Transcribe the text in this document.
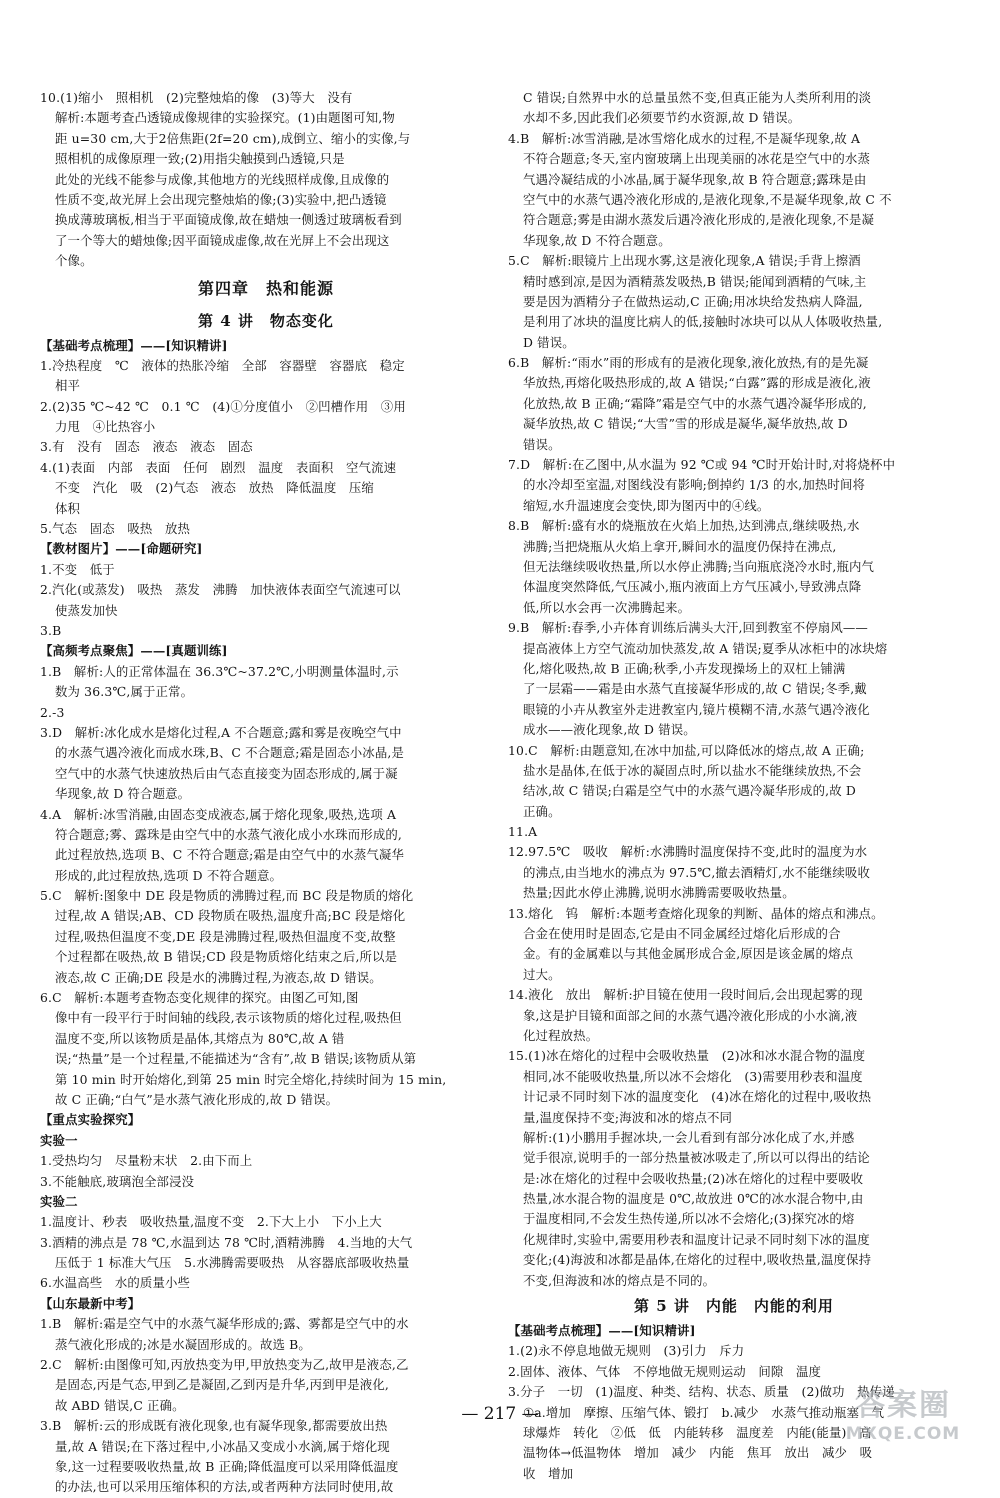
10.(1)缩小　照相机　(2)完整烛焰的像　(3)等大　没有
解析:本题考查凸透镜成像规律的实验探究。(1)由题图可知,物
距 u=30 cm,大于2倍焦距(2f=20 cm),成倒立、缩小的实像,与
照相机的成像原理一致;(2)用指尖触摸到凸透镜,只是
此处的光线不能参与成像,其他地方的光线照样成像,且成像的
性质不变,故光屏上会出现完整烛焰的像;(3)实验中,把凸透镜
换成薄玻璃板,相当于平面镜成像,故在蜡烛一侧透过玻璃板看到
了一个等大的蜡烛像;因平面镜成虚像,故在光屏上不会出现这
个像。
第四章　热和能源
第 4 讲　物态变化
【基础考点梳理】——[知识精讲]
1.冷热程度　℃　液体的热胀冷缩　全部　容器壁　容器底　稳定
相平
2.(2)35 ℃~42 ℃　0.1 ℃　(4)①分度值小　②凹槽作用　③用
力甩　④比热容小
3.有　没有　固态　液态　液态　固态
4.(1)表面　内部　表面　任何　剧烈　温度　表面积　空气流速
不变　汽化　吸　(2)气态　液态　放热　降低温度　压缩
体积
5.气态　固态　吸热　放热
【教材图片】——[命题研究]
1.不变　低于
2.汽化(或蒸发)　吸热　蒸发　沸腾　加快液体表面空气流速可以
使蒸发加快
3.B
【高频考点聚焦】——[真题训练]
1.B　解析:人的正常体温在 36.3℃~37.2℃,小明测量体温时,示
数为 36.3℃,属于正常。
2.-3
3.D　解析:冰化成水是熔化过程,A 不合题意;露和雾是夜晚空气中
的水蒸气遇冷液化而成水珠,B、C 不合题意;霜是固态小冰晶,是
空气中的水蒸气快速放热后由气态直接变为固态形成的,属于凝
华现象,故 D 符合题意。
4.A　解析:冰雪消融,由固态变成液态,属于熔化现象,吸热,选项 A
符合题意;雾、露珠是由空气中的水蒸气液化成小水珠而形成的,
此过程放热,选项 B、C 不符合题意;霜是由空气中的水蒸气凝华
形成的,此过程放热,选项 D 不符合题意。
5.C　解析:图象中 DE 段是物质的沸腾过程,而 BC 段是物质的熔化
过程,故 A 错误;AB、CD 段物质在吸热,温度升高;BC 段是熔化
过程,吸热但温度不变,DE 段是沸腾过程,吸热但温度不变,故整
个过程都在吸热,故 B 错误;CD 段是物质熔化结束之后,所以是
液态,故 C 正确;DE 段是水的沸腾过程,为液态,故 D 错误。
6.C　解析:本题考查物态变化规律的探究。由图乙可知,图
像中有一段平行于时间轴的线段,表示该物质的熔化过程,吸热但
温度不变,所以该物质是晶体,其熔点为 80℃,故 A 错
误;“热量”是一个过程量,不能描述为“含有”,故 B 错误;该物质从第
第 10 min 时开始熔化,到第 25 min 时完全熔化,持续时间为 15 min,
故 C 正确;“白气”是水蒸气液化形成的,故 D 错误。
【重点实验探究】
实验一
1.受热均匀　尽量粉末状　2.由下而上
3.不能触底,玻璃泡全部浸没
实验二
1.温度计、秒表　吸收热量,温度不变　2.下大上小　下小上大
3.酒精的沸点是 78 ℃,水温到达 78 ℃时,酒精沸腾　4.当地的大气
压低于 1 标准大气压　5.水沸腾需要吸热　从容器底部吸收热量
6.水温高些　水的质量小些
【山东最新中考】
1.B　解析:霜是空气中的水蒸气凝华形成的;露、雾都是空气中的水
蒸气液化形成的;冰是水凝固形成的。故选 B。
2.C　解析:由图像可知,丙放热变为甲,甲放热变为乙,故甲是液态,乙
是固态,丙是气态,甲到乙是凝固,乙到丙是升华,丙到甲是液化,
故 ABD 错误,C 正确。
3.B　解析:云的形成既有液化现象,也有凝华现象,都需要放出热
量,故 A 错误;在下落过程中,小冰晶又变成小水滴,属于熔化现
象,这一过程要吸收热量,故 B 正确;降低温度可以采用降低温度
的办法,也可以采用压缩体积的方法,或者两种方法同时使用,故
C 错误;自然界中水的总量虽然不变,但真正能为人类所利用的淡
水却不多,因此我们必须要节约水资源,故 D 错误。
4.B　解析:冰雪消融,是冰雪熔化成水的过程,不是凝华现象,故 A
不符合题意;冬天,室内窗玻璃上出现美丽的冰花是空气中的水蒸
气遇冷凝结成的小冰晶,属于凝华现象,故 B 符合题意;露珠是由
空气中的水蒸气遇冷液化形成的,是液化现象,不是凝华现象,故 C 不
符合题意;雾是由湖水蒸发后遇冷液化形成的,是液化现象,不是凝
华现象,故 D 不符合题意。
5.C　解析:眼镜片上出现水雾,这是液化现象,A 错误;手背上擦酒
精时感到凉,是因为酒精蒸发吸热,B 错误;能闻到酒精的气味,主
要是因为酒精分子在做热运动,C 正确;用冰块给发热病人降温,
是利用了冰块的温度比病人的低,接触时冰块可以从人体吸收热量,
D 错误。
6.B　解析:“雨水”雨的形成有的是液化现象,液化放热,有的是先凝
华放热,再熔化吸热形成的,故 A 错误;“白露”露的形成是液化,液
化放热,故 B 正确;“霜降”霜是空气中的水蒸气遇冷凝华形成的,
凝华放热,故 C 错误;“大雪”雪的形成是凝华,凝华放热,故 D
错误。
7.D　解析:在乙图中,从水温为 92 ℃或 94 ℃时开始计时,对将烧杯中
的水冷却至室温,对图线没有影响;倒掉约 1/3 的水,加热时间将
缩短,水升温速度会变快,即为图丙中的④线。
8.B　解析:盛有水的烧瓶放在火焰上加热,达到沸点,继续吸热,水
沸腾;当把烧瓶从火焰上拿开,瞬间水的温度仍保持在沸点,
但无法继续吸收热量,所以水停止沸腾;当向瓶底浇冷水时,瓶内气
体温度突然降低,气压减小,瓶内液面上方气压减小,导致沸点降
低,所以水会再一次沸腾起来。
9.B　解析:春季,小卉体育训练后满头大汗,回到教室不停扇风——
提高液体上方空气流动加快蒸发,故 A 错误;夏季从冰柜中的冰块熔
化,熔化吸热,故 B 正确;秋季,小卉发现操场上的双杠上铺满
了一层霜——霜是由水蒸气直接凝华形成的,故 C 错误;冬季,戴
眼镜的小卉从教室外走进教室内,镜片模糊不清,水蒸气遇冷液化
成水——液化现象,故 D 错误。
10.C　解析:由题意知,在冰中加盐,可以降低冰的熔点,故 A 正确;
盐水是晶体,在低于冰的凝固点时,所以盐水不能继续放热,不会
结冰,故 C 错误;白霜是空气中的水蒸气遇冷凝华形成的,故 D
正确。
11.A
12.97.5℃　吸收　解析:水沸腾时温度保持不变,此时的温度为水
的沸点,由当地水的沸点为 97.5℃,撤去酒精灯,水不能继续吸收
热量;因此水停止沸腾,说明水沸腾需要吸收热量。
13.熔化　钨　解析:本题考查熔化现象的判断、晶体的熔点和沸点。
合金在使用时是固态,它是由不同金属经过熔化后形成的合
金。有的金属难以与其他金属形成合金,原因是该金属的熔点
过大。
14.液化　放出　解析:护目镜在使用一段时间后,会出现起雾的现
象,这是护目镜和面部之间的水蒸气遇冷液化形成的小水滴,液
化过程放热。
15.(1)冰在熔化的过程中会吸收热量　(2)冰和冰水混合物的温度
相同,冰不能吸收热量,所以冰不会熔化　(3)需要用秒表和温度
计记录不同时刻下冰的温度变化　(4)冰在熔化的过程中,吸收热
量,温度保持不变;海波和冰的熔点不同
解析:(1)小鹏用手握冰块,一会儿看到有部分冰化成了水,并感
觉手很凉,说明手的一部分热量被冰吸走了,所以可以得出的结论
是:冰在熔化的过程中会吸收热量;(2)冰在熔化的过程中要吸收
热量,冰水混合物的温度是 0℃,故放进 0℃的冰水混合物中,由
于温度相同,不会发生热传递,所以冰不会熔化;(3)探究冰的熔
化规律时,实验中,需要用秒表和温度计记录不同时刻下冰的温度
变化;(4)海波和冰都是晶体,在熔化的过程中,吸收热量,温度保持
不变,但海波和冰的熔点是不同的。
第 5 讲　内能　内能的利用
【基础考点梳理】——[知识精讲]
1.(2)永不停息地做无规则　(3)引力　斥力
2.固体、液体、气体　不停地做无规则运动　间隙　温度
3.分子　一切　(1)温度、种类、结构、状态、质量　(2)做功　热传递
①a.增加　摩擦、压缩气体、锻打　b.减少　水蒸气推动瓶塞　气
球爆炸　转化　②低　低　内能转移　温度差　内能(能量)　高
温物体→低温物体　增加　减少　内能　焦耳　放出　减少　吸
收　增加
— 217 —	答案圈
MXQE.COM
